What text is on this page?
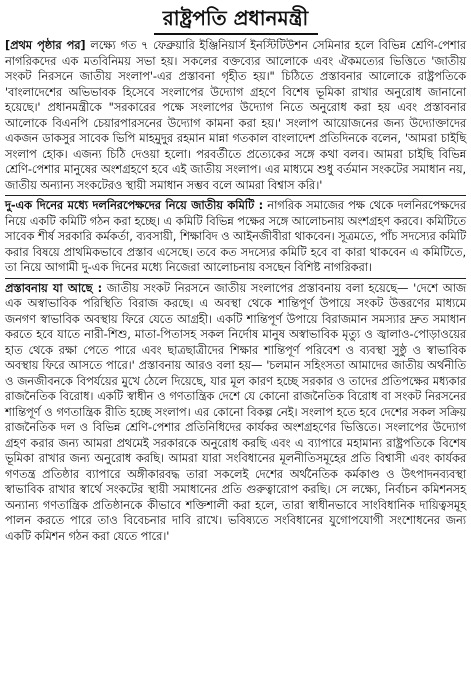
রাষ্ট্রপতি প্রধানমন্ত্রী

[প্রথম পৃষ্ঠার পর] লক্ষ্যে গত ৭ ফেব্রুয়ারি ইঞ্জিনিয়ার্স ইনস্টিটিউশন সেমিনার হলে বিভিন্ন শ্রেণি-পেশার নাগরিকদের এক মতবিনিময় সভা হয়। সকলের বক্তব্যের আলোকে এবং ঐকমত্যের ভিত্তিতে 'জাতীয় সংকট নিরসনে জাতীয় সংলাপ'-এর প্রস্তাবনা গৃহীত হয়।" চিঠিতে প্রস্তাবনার আলোকে রাষ্ট্রপতিকে 'বাংলাদেশের অভিভাবক হিসেবে সংলাপের উদ্যোগ গ্রহণে বিশেষ ভূমিকা রাখার অনুরোধ জানানো হয়েছে।' প্রধানমন্ত্রীকে "সরকারের পক্ষে সংলাপের উদ্যোগ নিতে অনুরোধ করা হয় এবং প্রস্তাবনার আলোকে বিএনপি চেয়ারপারসনের উদ্যোগ কামনা করা হয়।' সংলাপ আয়োজনের জন্য উদ্যোক্তাদের একজন ডাকসুর সাবেক ভিপি মাহমুদুর রহমান মান্না গতকাল বাংলাদেশ প্রতিদিনকে বলেন, 'আমরা চাইছি সংলাপ হোক। এজন্য চিঠি দেওয়া হলো। পরবর্তীতে প্রত্যেকের সঙ্গে কথা বলব। আমরা চাইছি বিভিন্ন শ্রেণি-পেশার মানুষের অংশগ্রহণে হবে এই জাতীয় সংলাপ। এর মাধ্যমে শুধু বর্তমান সংকটের সমাধান নয়, জাতীয় অন্যান্য সংকটেরও স্থায়ী সমাধান সম্ভব বলে আমরা বিশ্বাস করি।'

দু-এক দিনের মধ্যে দলনিরপেক্ষদের নিয়ে জাতীয় কমিটি : নাগরিক সমাজের পক্ষ থেকে দলনিরপেক্ষদের নিয়ে একটি কমিটি গঠন করা হচ্ছে। এ কমিটি বিভিন্ন পক্ষের সঙ্গে আলোচনায় অংশগ্রহণ করবে। কমিটিতে সাবেক শীর্ষ সরকারি কর্মকর্তা, ব্যবসায়ী, শিক্ষাবিদ ও আইনজীবীরা থাকবেন। সূত্রমতে, পাঁচ সদস্যের কমিটি করার বিষয়ে প্রাথমিকভাবে প্রস্তাব এসেছে। তবে কত সদস্যের কমিটি হবে বা কারা থাকবেন এ কমিটিতে, তা নিয়ে আগামী দু-এক দিনের মধ্যে নিজেরা আলোচনায় বসছেন বিশিষ্ট নাগরিকরা।

প্রস্তাবনায় যা আছে : জাতীয় সংকট নিরসনে জাতীয় সংলাপের প্রস্তাবনায় বলা হয়েছে— 'দেশে আজ এক অস্বাভাবিক পরিস্থিতি বিরাজ করছে। এ অবস্থা থেকে শান্তিপূর্ণ উপায়ে সংকট উত্তরণের মাধ্যমে জনগণ স্বাভাবিক অবস্থায় ফিরে যেতে আগ্রহী। একটি শান্তিপূর্ণ উপায়ে বিরাজমান সমস্যার দ্রুত সমাধান করতে হবে যাতে নারী-শিশু, মাতা-পিতাসহ সকল নির্দোষ মানুষ অস্বাভাবিক মৃত্যু ও জ্বালাও-পোড়াওয়ের হাত থেকে রক্ষা পেতে পারে এবং ছাত্রছাত্রীদের শিক্ষার শান্তিপূর্ণ পরিবেশ ও ব্যবস্থা সুষ্ঠু ও স্বাভাবিক অবস্থায় ফিরে আসতে পারে।' প্রস্তাবনায় আরও বলা হয়— 'চলমান সহিংসতা আমাদের জাতীয় অর্থনীতি ও জনজীবনকে বিপর্যয়ের মুখে ঠেলে দিয়েছে, যার মূল কারণ হচ্ছে সরকার ও তাদের প্রতিপক্ষের মধ্যকার রাজনৈতিক বিরোধ। একটি স্বাধীন ও গণতান্ত্রিক দেশে যে কোনো রাজনৈতিক বিরোধ বা সংকট নিরসনের শান্তিপূর্ণ ও গণতান্ত্রিক রীতি হচ্ছে সংলাপ। এর কোনো বিকল্প নেই। সংলাপ হতে হবে দেশের সকল সক্রিয় রাজনৈতিক দল ও বিভিন্ন শ্রেণি-পেশার প্রতিনিধিদের কার্যকর অংশগ্রহণের ভিত্তিতে। সংলাপের উদ্যোগ গ্রহণ করার জন্য আমরা প্রথমেই সরকারকে অনুরোধ করছি এবং এ ব্যাপারে মহামান্য রাষ্ট্রপতিকে বিশেষ ভূমিকা রাখার জন্য অনুরোধ করছি। আমরা যারা সংবিধানের মূলনীতিসমূহের প্রতি বিশ্বাসী এবং কার্যকর গণতন্ত্র প্রতিষ্ঠার ব্যাপারে অঙ্গীকারবদ্ধ তারা সকলেই দেশের অর্থনৈতিক কর্মকাণ্ড ও উৎপাদনব্যবস্থা স্বাভাবিক রাখার স্বার্থে সংকটের স্থায়ী সমাধানের প্রতি গুরুত্বারোপ করছি। সে লক্ষ্যে, নির্বাচন কমিশনসহ অন্যান্য গণতান্ত্রিক প্রতিষ্ঠানকে কীভাবে শক্তিশালী করা হলে, তারা স্বাধীনভাবে সাংবিধানিক দায়িত্বসমূহ পালন করতে পারে তাও বিবেচনার দাবি রাখে। ভবিষ্যতে সংবিধানের যুগোপযোগী সংশোধনের জন্য একটি কমিশন গঠন করা যেতে পারে।'
